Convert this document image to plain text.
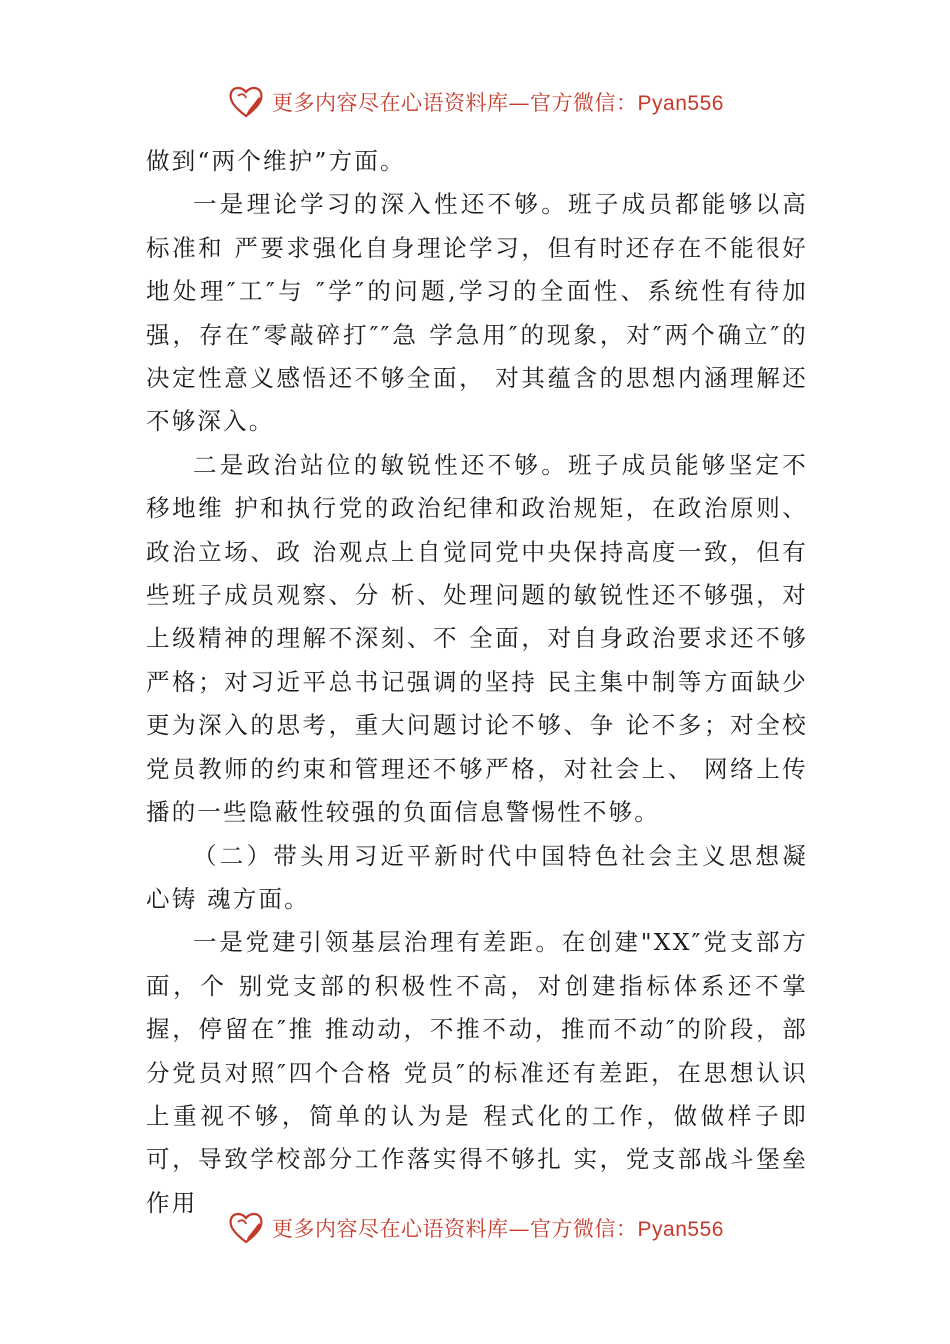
更多内容尽在心语资料库—官方微信：Pyan556

做到“两个维护”方面。

一是理论学习的深入性还不够。班子成员都能够以高标准和 严要求强化自身理论学习，但有时还存在不能很好地处理″工″与 ″学″的问题,学习的全面性、系统性有待加强，存在″零敲碎打″″急 学急用″的现象，对″两个确立″的决定性意义感悟还不够全面， 对其蕴含的思想内涵理解还不够深入。

二是政治站位的敏锐性还不够。班子成员能够坚定不移地维 护和执行党的政治纪律和政治规矩，在政治原则、政治立场、政 治观点上自觉同党中央保持高度一致，但有些班子成员观察、分 析、处理问题的敏锐性还不够强，对上级精神的理解不深刻、不 全面，对自身政治要求还不够严格；对习近平总书记强调的坚持 民主集中制等方面缺少更为深入的思考，重大问题讨论不够、争 论不多；对全校党员教师的约束和管理还不够严格，对社会上、 网络上传播的一些隐蔽性较强的负面信息警惕性不够。

（二）带头用习近平新时代中国特色社会主义思想凝心铸 魂方面。

一是党建引领基层治理有差距。在创建"XX″党支部方面，个 别党支部的积极性不高，对创建指标体系还不掌握，停留在″推 推动动，不推不动，推而不动″的阶段，部分党员对照″四个合格 党员″的标准还有差距，在思想认识上重视不够，简单的认为是 程式化的工作，做做样子即可，导致学校部分工作落实得不够扎 实，党支部战斗堡垒作用

更多内容尽在心语资料库—官方微信：Pyan556
